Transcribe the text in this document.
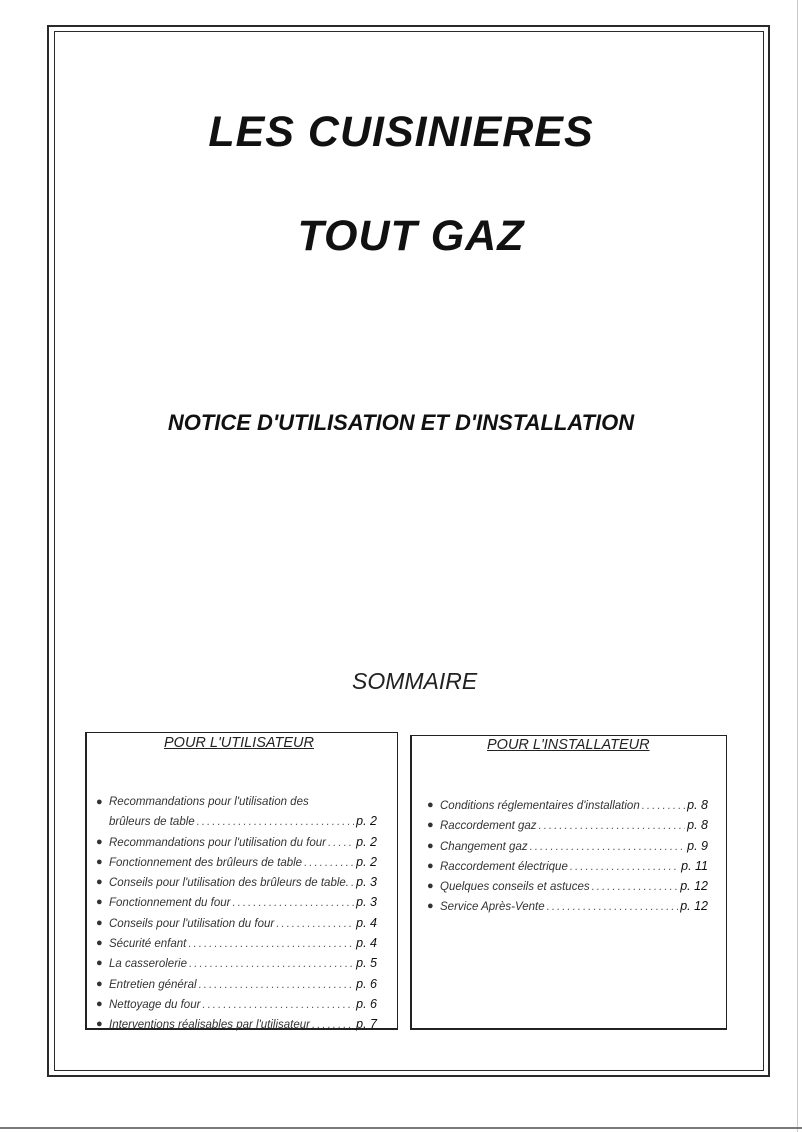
LES CUISINIERES
TOUT GAZ
NOTICE D'UTILISATION ET D'INSTALLATION
SOMMAIRE
POUR L'UTILISATEUR
● Recommandations pour l'utilisation des
brûleurs de table .....	p. 2
● Recommandations pour l'utilisation du four ..... p. 2
● Fonctionnement des brûleurs de table .....	p. 2
● Conseils pour l'utilisation des brûleurs de table. ..... p. 3
● Fonctionnement du four .....	p. 3
● Conseils pour l'utilisation du four .....	p. 4
● Sécurité enfant .....	p. 4
● La casserolerie .....	p. 5
● Entretien général .....	p. 6
● Nettoyage du four .....	p. 6
● Interventions réalisables par l'utilisateur .....	p. 7
POUR L'INSTALLATEUR
● Conditions réglementaires d'installation .....	p. 8
● Raccordement gaz .....	p. 8
● Changement gaz .....	p. 9
● Raccordement électrique .....	p. 11
● Quelques conseils et astuces .....	p. 12
● Service Après-Vente .....	p. 12
